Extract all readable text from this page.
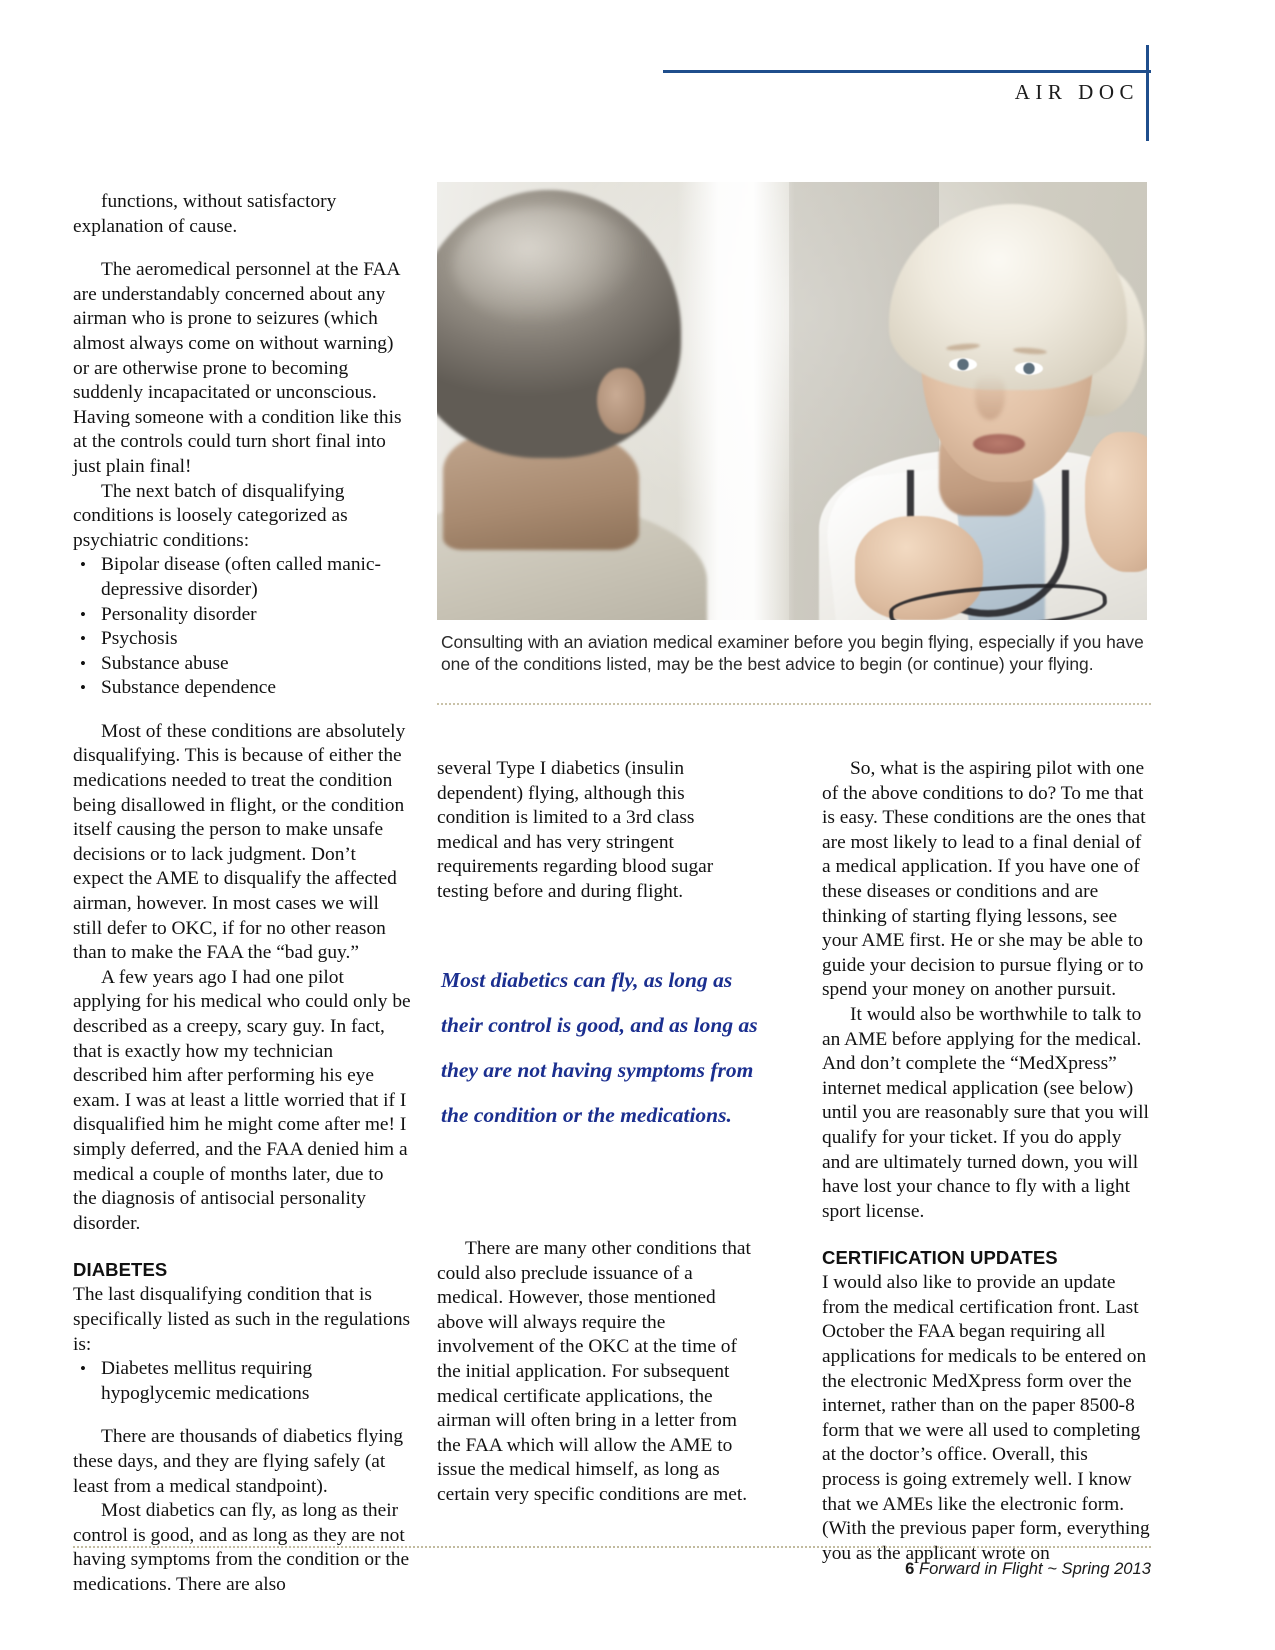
AIR DOC
Consulting with an aviation medical examiner before you begin flying, especially if you have one of the conditions listed, may be the best advice to begin (or continue) your flying.

functions, without satisfactory explanation of cause.

The aeromedical personnel at the FAA are understandably concerned about any airman who is prone to seizures (which almost always come on without warning) or are otherwise prone to becoming suddenly incapacitated or unconscious. Having someone with a condition like this at the controls could turn short final into just plain final!

The next batch of disqualifying conditions is loosely categorized as psychiatric conditions:

• Bipolar disease (often called manic-depressive disorder)
• Personality disorder
• Psychosis
• Substance abuse
• Substance dependence

Most of these conditions are absolutely disqualifying. This is because of either the medications needed to treat the condition being disallowed in flight, or the condition itself causing the person to make unsafe decisions or to lack judgment. Don’t expect the AME to disqualify the affected airman, however. In most cases we will still defer to OKC, if for no other reason than to make the FAA the “bad guy.”

A few years ago I had one pilot applying for his medical who could only be described as a creepy, scary guy. In fact, that is exactly how my technician described him after performing his eye exam. I was at least a little worried that if I disqualified him he might come after me! I simply deferred, and the FAA denied him a medical a couple of months later, due to the diagnosis of antisocial personality disorder.

DIABETES

The last disqualifying condition that is specifically listed as such in the regulations is:

• Diabetes mellitus requiring hypoglycemic medications

There are thousands of diabetics flying these days, and they are flying safely (at least from a medical standpoint).

Most diabetics can fly, as long as their control is good, and as long as they are not having symptoms from the condition or the medications. There are also

several Type I diabetics (insulin dependent) flying, although this condition is limited to a 3rd class medical and has very stringent requirements regarding blood sugar testing before and during flight.

Most diabetics can fly, as long as their control is good, and as long as they are not having symptoms from the condition or the medications.

There are many other conditions that could also preclude issuance of a medical. However, those mentioned above will always require the involvement of the OKC at the time of the initial application. For subsequent medical certificate applications, the airman will often bring in a letter from the FAA which will allow the AME to issue the medical himself, as long as certain very specific conditions are met.

So, what is the aspiring pilot with one of the above conditions to do? To me that is easy. These conditions are the ones that are most likely to lead to a final denial of a medical application. If you have one of these diseases or conditions and are thinking of starting flying lessons, see your AME first. He or she may be able to guide your decision to pursue flying or to spend your money on another pursuit.

It would also be worthwhile to talk to an AME before applying for the medical. And don’t complete the “MedXpress” internet medical application (see below) until you are reasonably sure that you will qualify for your ticket. If you do apply and are ultimately turned down, you will have lost your chance to fly with a light sport license.

CERTIFICATION UPDATES

I would also like to provide an update from the medical certification front. Last October the FAA began requiring all applications for medicals to be entered on the electronic MedXpress form over the internet, rather than on the paper 8500-8 form that we were all used to completing at the doctor’s office. Overall, this process is going extremely well. I know that we AMEs like the electronic form. (With the previous paper form, everything you as the applicant wrote on

6 Forward in Flight ~ Spring 2013
